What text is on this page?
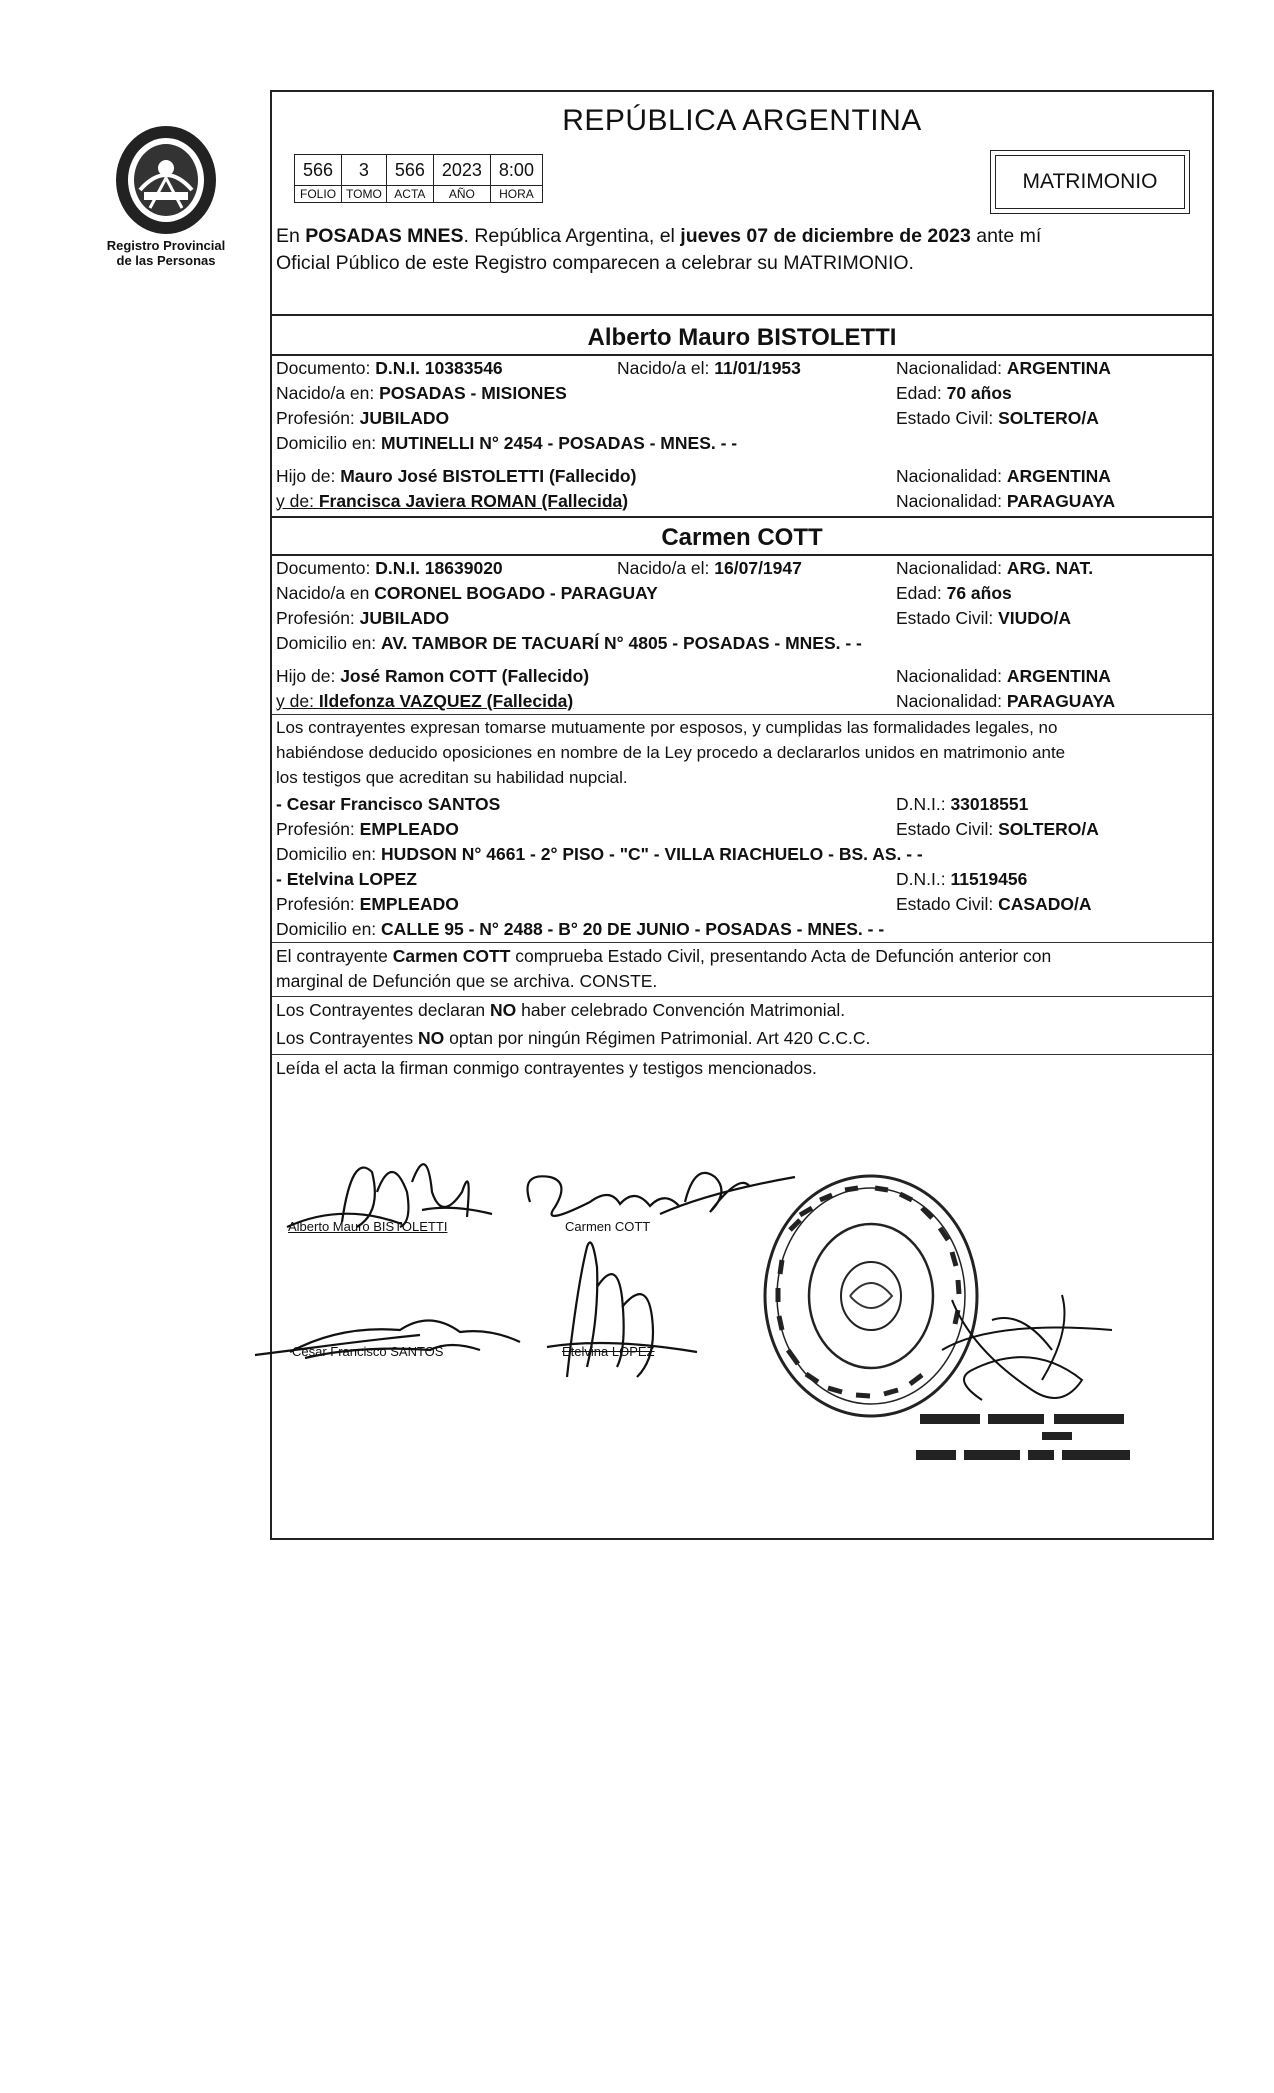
Registro Provincial
de las Personas
REPÚBLICA ARGENTINA
566	3	566	2023	8:00
FOLIO	TOMO	ACTA	AÑO	HORA
MATRIMONIO
En POSADAS MNES. República Argentina, el jueves 07 de diciembre de 2023 ante mí
Oficial Público de este Registro comparecen a celebrar su MATRIMONIO.
Alberto Mauro BISTOLETTI
Documento: D.N.I. 10383546	Nacido/a el: 11/01/1953	Nacionalidad: ARGENTINA
Nacido/a en: POSADAS - MISIONES	Edad: 70 años
Profesión: JUBILADO	Estado Civil: SOLTERO/A
Domicilio en: MUTINELLI N° 2454 - POSADAS - MNES. - -
Hijo de: Mauro José BISTOLETTI (Fallecido)	Nacionalidad: ARGENTINA
y de: Francisca Javiera ROMAN (Fallecida)	Nacionalidad: PARAGUAYA
Carmen COTT
Documento: D.N.I. 18639020	Nacido/a el: 16/07/1947	Nacionalidad: ARG. NAT.
Nacido/a en CORONEL BOGADO - PARAGUAY	Edad: 76 años
Profesión: JUBILADO	Estado Civil: VIUDO/A
Domicilio en: AV. TAMBOR DE TACUARÍ N° 4805 - POSADAS - MNES. - -
Hijo de: José Ramon COTT (Fallecido)	Nacionalidad: ARGENTINA
y de: Ildefonza VAZQUEZ (Fallecida)	Nacionalidad: PARAGUAYA
Los contrayentes expresan tomarse mutuamente por esposos, y cumplidas las formalidades legales, no
habiéndose deducido oposiciones en nombre de la Ley procedo a declararlos unidos en matrimonio ante
los testigos que acreditan su habilidad nupcial.
- Cesar Francisco SANTOS	D.N.I.: 33018551
Profesión: EMPLEADO	Estado Civil: SOLTERO/A
Domicilio en: HUDSON N° 4661 - 2° PISO - "C" - VILLA RIACHUELO - BS. AS. - -
- Etelvina LOPEZ	D.N.I.: 11519456
Profesión: EMPLEADO	Estado Civil: CASADO/A
Domicilio en: CALLE 95 - N° 2488 - B° 20 DE JUNIO - POSADAS - MNES. - -
El contrayente Carmen COTT comprueba Estado Civil, presentando Acta de Defunción anterior con
marginal de Defunción que se archiva. CONSTE.
Los Contrayentes declaran NO haber celebrado Convención Matrimonial.
Los Contrayentes NO optan por ningún Régimen Patrimonial. Art 420 C.C.C.
Leída el acta la firman conmigo contrayentes y testigos mencionados.
Alberto Mauro BISTOLETTI	Carmen COTT
Cesar Francisco SANTOS	Etelvina LOPEZ
